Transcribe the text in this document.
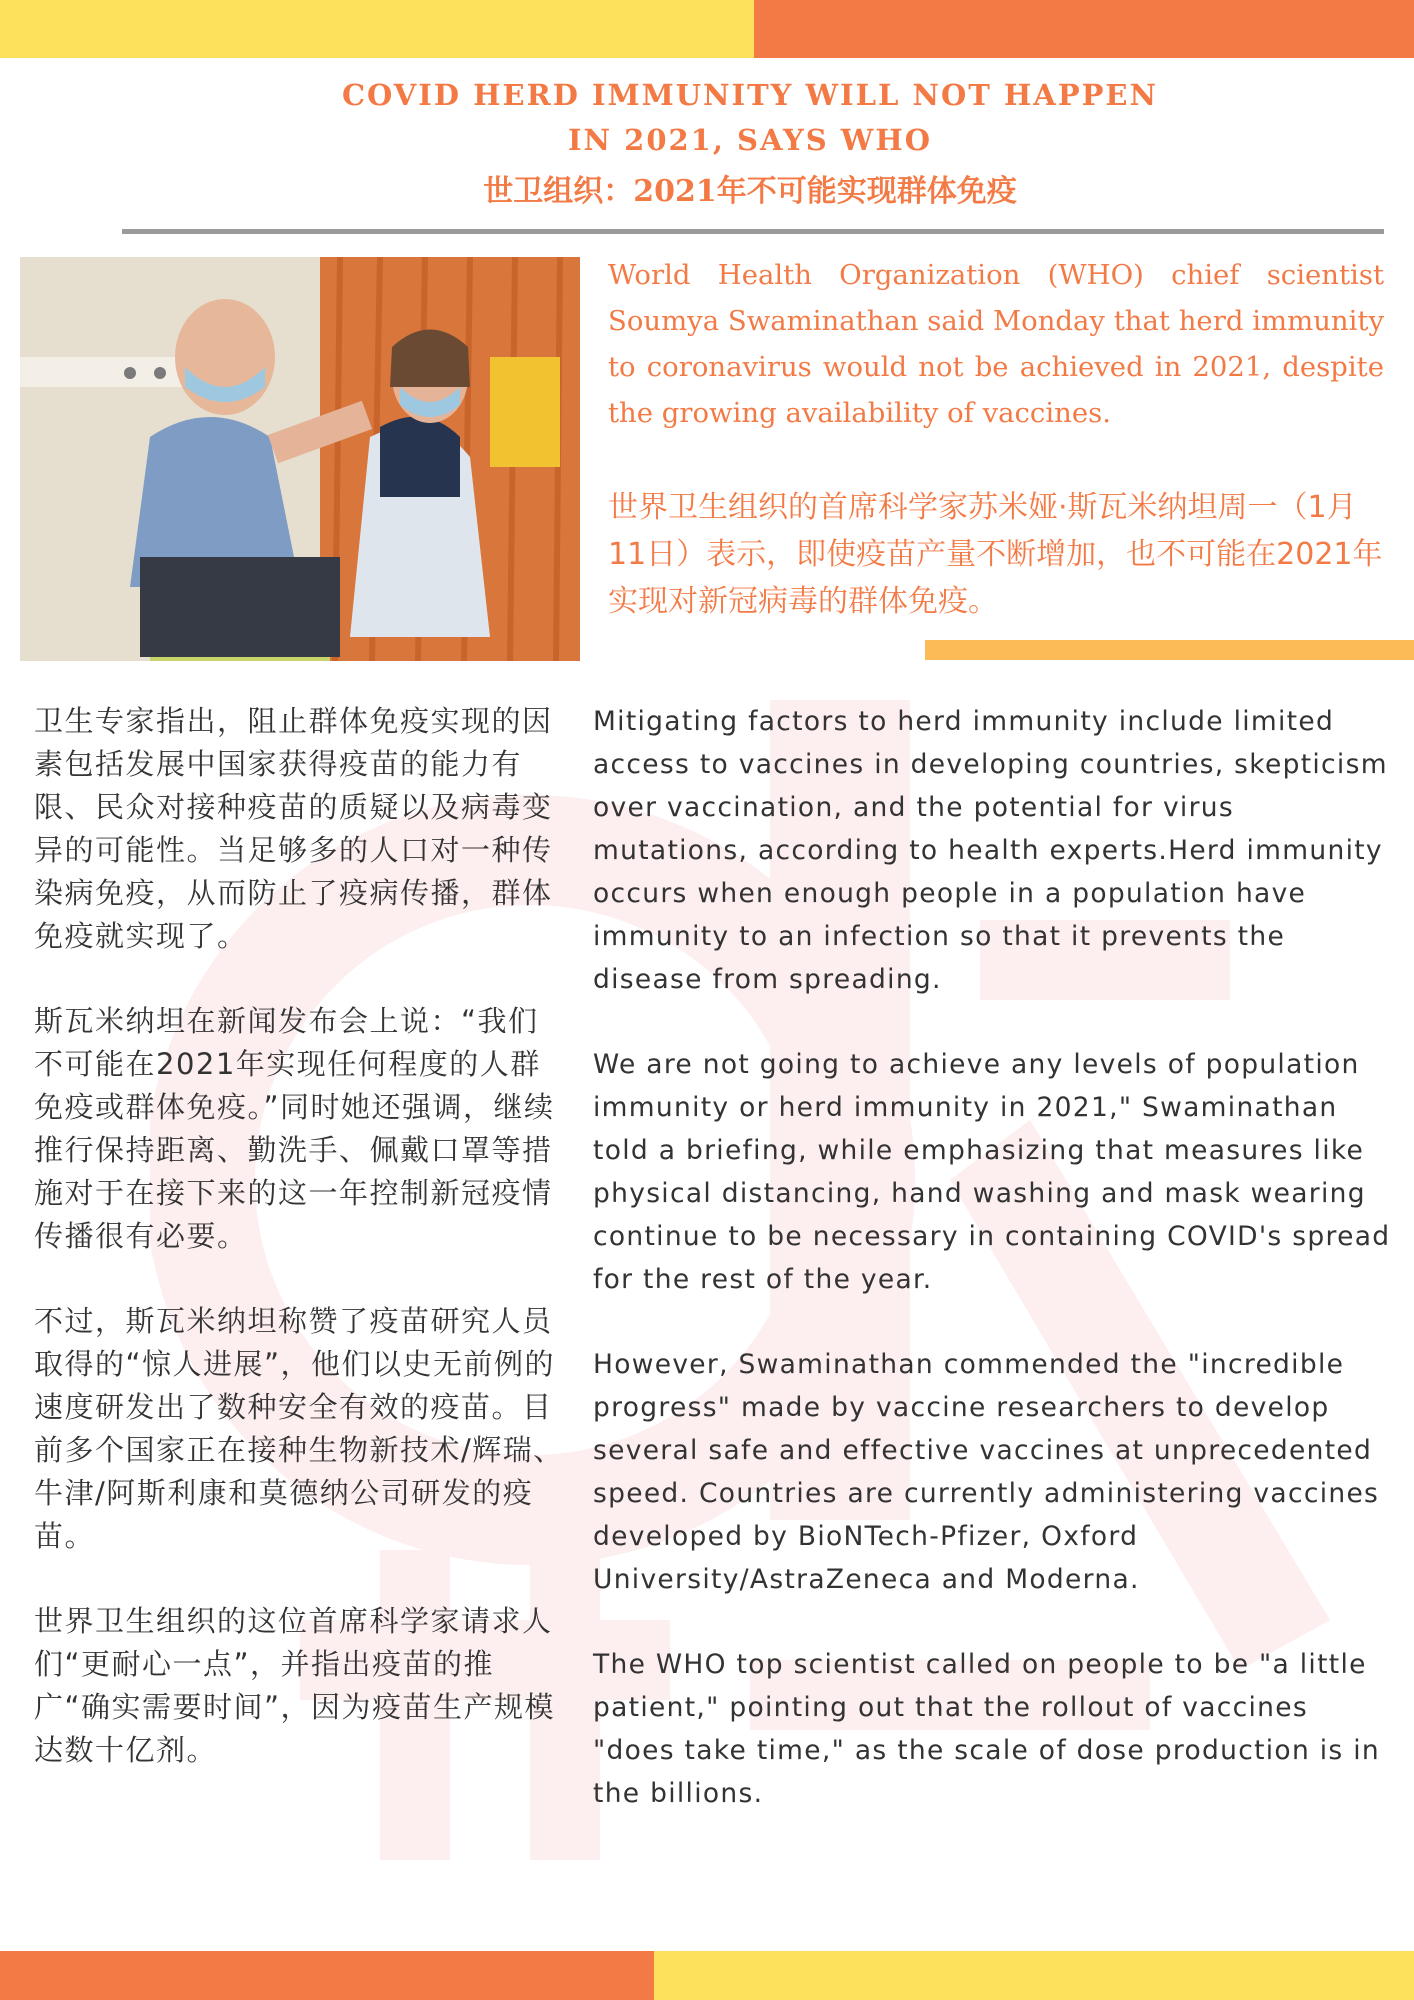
COVID HERD IMMUNITY WILL NOT HAPPEN
IN 2021, SAYS WHO
世卫组织：2021年不可能实现群体免疫

World Health Organization (WHO) chief scientist Soumya Swaminathan said Monday that herd immunity to coronavirus would not be achieved in 2021, despite the growing availability of vaccines.

世界卫生组织的首席科学家苏米娅·斯瓦米纳坦周一（1月11日）表示，即使疫苗产量不断增加，也不可能在2021年实现对新冠病毒的群体免疫。

卫生专家指出，阻止群体免疫实现的因素包括发展中国家获得疫苗的能力有限、民众对接种疫苗的质疑以及病毒变异的可能性。当足够多的人口对一种传染病免疫，从而防止了疫病传播，群体免疫就实现了。

斯瓦米纳坦在新闻发布会上说：“我们不可能在2021年实现任何程度的人群免疫或群体免疫。”同时她还强调，继续推行保持距离、勤洗手、佩戴口罩等措施对于在接下来的这一年控制新冠疫情传播很有必要。

不过，斯瓦米纳坦称赞了疫苗研究人员取得的“惊人进展”，他们以史无前例的速度研发出了数种安全有效的疫苗。目前多个国家正在接种生物新技术/辉瑞、牛津/阿斯利康和莫德纳公司研发的疫苗。

世界卫生组织的这位首席科学家请求人们“更耐心一点”，并指出疫苗的推广“确实需要时间”，因为疫苗生产规模达数十亿剂。

Mitigating factors to herd immunity include limited access to vaccines in developing countries, skepticism over vaccination, and the potential for virus mutations, according to health experts.Herd immunity occurs when enough people in a population have immunity to an infection so that it prevents the disease from spreading.

We are not going to achieve any levels of population immunity or herd immunity in 2021," Swaminathan told a briefing, while emphasizing that measures like physical distancing, hand washing and mask wearing continue to be necessary in containing COVID's spread for the rest of the year.

However, Swaminathan commended the "incredible progress" made by vaccine researchers to develop several safe and effective vaccines at unprecedented speed. Countries are currently administering vaccines developed by BioNTech-Pfizer, Oxford University/AstraZeneca and Moderna.

The WHO top scientist called on people to be "a little patient," pointing out that the rollout of vaccines "does take time," as the scale of dose production is in the billions.
